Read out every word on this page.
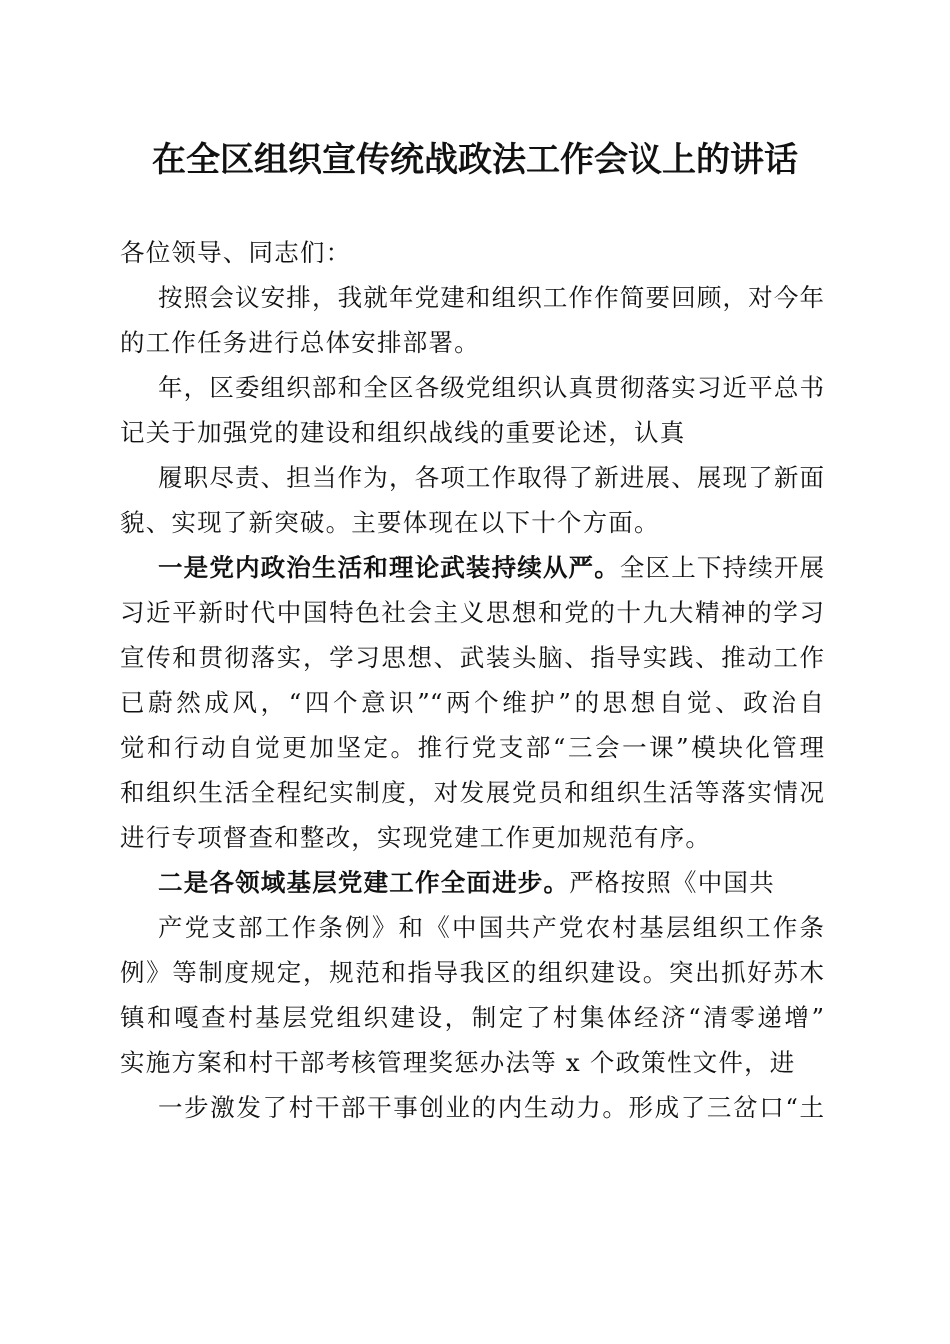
在全区组织宣传统战政法工作会议上的讲话
各位领导、同志们：
按照会议安排，我就年党建和组织工作作简要回顾，对今年
的工作任务进行总体安排部署。
年，区委组织部和全区各级党组织认真贯彻落实习近平总书
记关于加强党的建设和组织战线的重要论述，认真
履职尽责、担当作为，各项工作取得了新进展、展现了新面
貌、实现了新突破。主要体现在以下十个方面。
一是党内政治生活和理论武装持续从严。全区上下持续开展
习近平新时代中国特色社会主义思想和党的十九大精神的学习
宣传和贯彻落实，学习思想、武装头脑、指导实践、推动工作
已蔚然成风，“四个意识”“两个维护”的思想自觉、政治自
觉和行动自觉更加坚定。推行党支部“三会一课”模块化管理
和组织生活全程纪实制度，对发展党员和组织生活等落实情况
进行专项督查和整改，实现党建工作更加规范有序。
二是各领域基层党建工作全面进步。严格按照《中国共
产党支部工作条例》和《中国共产党农村基层组织工作条
例》等制度规定，规范和指导我区的组织建设。突出抓好苏木
镇和嘎查村基层党组织建设，制定了村集体经济“清零递增”
实施方案和村干部考核管理奖惩办法等 x 个政策性文件，进
一步激发了村干部干事创业的内生动力。形成了三岔口“土
